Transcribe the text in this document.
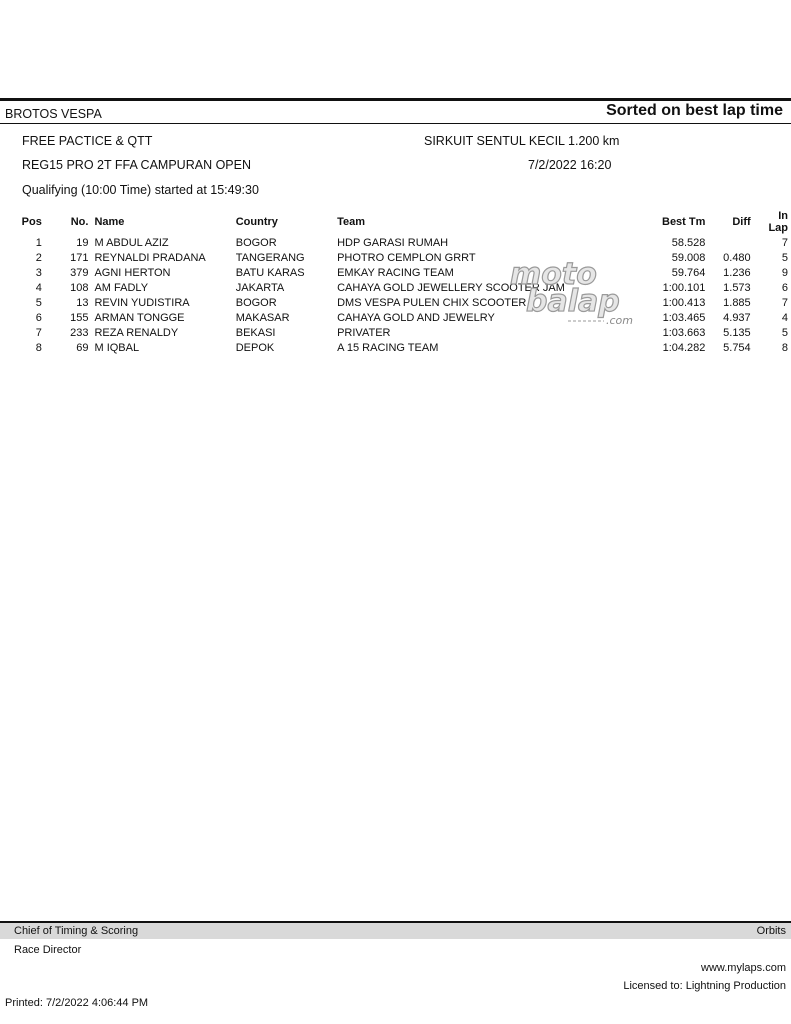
BROTOS VESPA	Sorted on best lap time
FREE PACTICE & QTT	SIRKUIT SENTUL KECIL 1.200 km
REG15 PRO 2T FFA CAMPURAN OPEN	7/2/2022 16:20
Qualifying (10:00 Time) started at 15:49:30
Pos	No.	Name	Country	Team	Best Tm	Diff	In Lap
1	19	M ABDUL AZIZ	BOGOR	HDP GARASI RUMAH	58.528		7
2	171	REYNALDI PRADANA	TANGERANG	PHOTRO CEMPLON GRRT	59.008	0.480	5
3	379	AGNI HERTON	BATU KARAS	EMKAY RACING TEAM	59.764	1.236	9
4	108	AM FADLY	JAKARTA	CAHAYA GOLD JEWELLERY SCOOTER JAM	1:00.101	1.573	6
5	13	REVIN YUDISTIRA	BOGOR	DMS VESPA PULEN CHIX SCOOTER	1:00.413	1.885	7
6	155	ARMAN TONGGE	MAKASAR	CAHAYA GOLD AND JEWELRY	1:03.465	4.937	4
7	233	REZA RENALDY	BEKASI	PRIVATER	1:03.663	5.135	5
8	69	M IQBAL	DEPOK	A 15 RACING TEAM	1:04.282	5.754	8
moto
balap
.com
Chief of Timing & Scoring	Orbits
Race Director
www.mylaps.com
Licensed to: Lightning Production
Printed: 7/2/2022 4:06:44 PM
